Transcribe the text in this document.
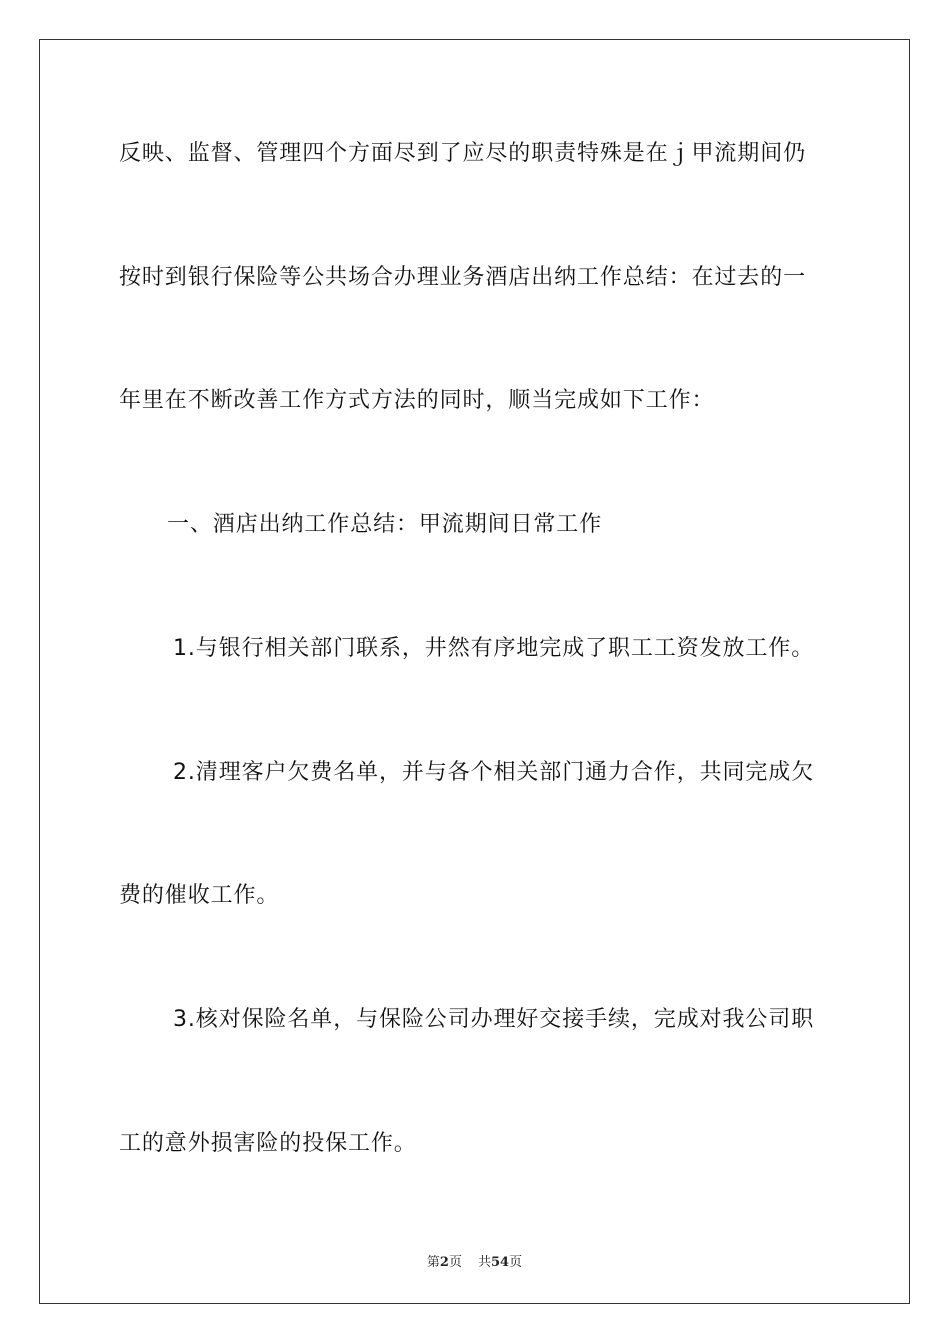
反映、监督、管理四个方面尽到了应尽的职责特殊是在ｊ甲流期间仍
按时到银行保险等公共场合办理业务酒店出纳工作总结：在过去的一
年里在不断改善工作方式方法的同时，顺当完成如下工作：
一、酒店出纳工作总结：甲流期间日常工作
1.与银行相关部门联系，井然有序地完成了职工工资发放工作。
2.清理客户欠费名单，并与各个相关部门通力合作，共同完成欠
费的催收工作。
3.核对保险名单，与保险公司办理好交接手续，完成对我公司职
工的意外损害险的投保工作。
第2页 共54页
